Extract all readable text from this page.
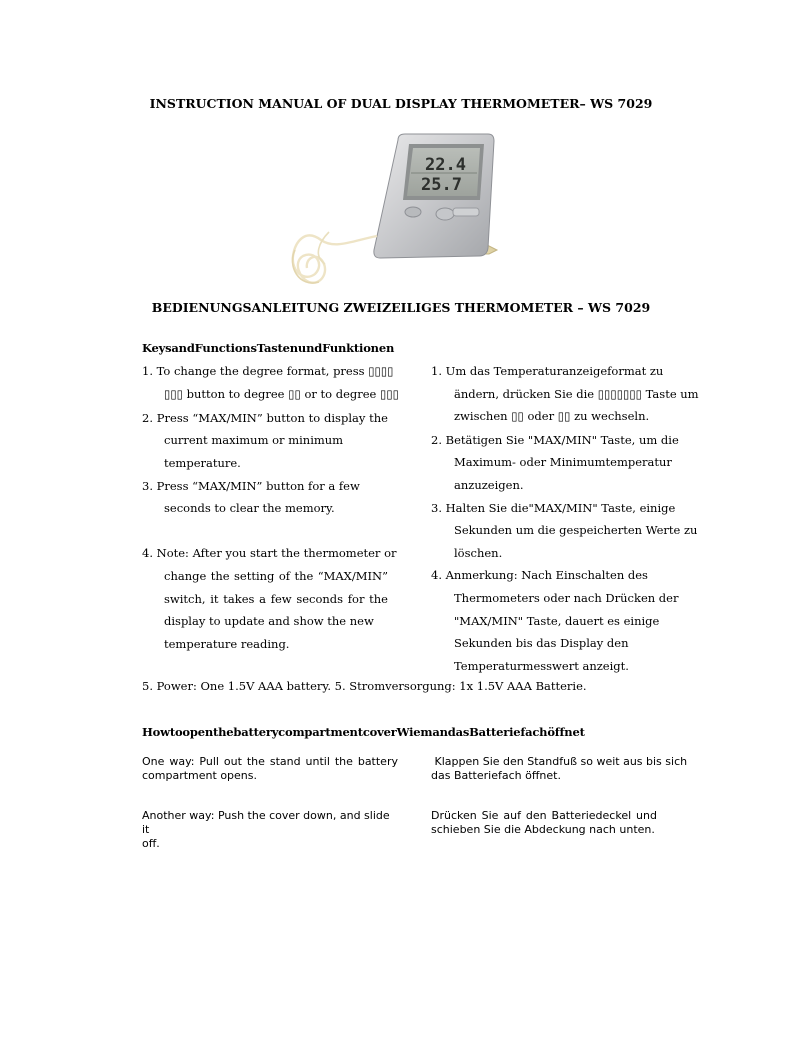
INSTRUCTION MANUAL OF DUAL DISPLAY THERMOMETER– WS 7029
22.4
25.7
BEDIENUNGSANLEITUNG ZWEIZEILIGES THERMOMETER – WS 7029
KeysandFunctionsTastenundFunktionen
1. To change the degree format, press ▯▯▯▯
▯▯▯ button to degree ▯▯ or to degree ▯▯▯
2. Press “MAX/MIN” button to display the
current maximum or minimum
temperature.
3. Press “MAX/MIN” button for a few
seconds to clear the memory.
4. Note: After you start the thermometer or
change the setting of the “MAX/MIN”
switch, it takes a few seconds for the
display to update and show the new
temperature reading.
1. Um das Temperaturanzeigeformat zu
ändern, drücken Sie die ▯▯▯▯▯▯▯ Taste um
zwischen ▯▯ oder ▯▯ zu wechseln.
2. Betätigen Sie "MAX/MIN" Taste, um die
Maximum- oder Minimumtemperatur
anzuzeigen.
3. Halten Sie die"MAX/MIN" Taste, einige
Sekunden um die gespeicherten Werte zu
löschen.
4. Anmerkung: Nach Einschalten des
Thermometers oder nach Drücken der
"MAX/MIN" Taste, dauert es einige
Sekunden bis das Display den
Temperaturmesswert anzeigt.
5. Power: One 1.5V AAA battery. 5. Stromversorgung: 1x 1.5V AAA Batterie.
HowtoopenthebatterycompartmentcoverWiemandasBatteriefachöffnet
One way: Pull out the stand until the battery
compartment opens.
Klappen Sie den Standfuß so weit aus bis sich
das Batteriefach öffnet.
Another way: Push the cover down, and slide it
off.
Drücken Sie auf den Batteriedeckel und
schieben Sie die Abdeckung nach unten.
